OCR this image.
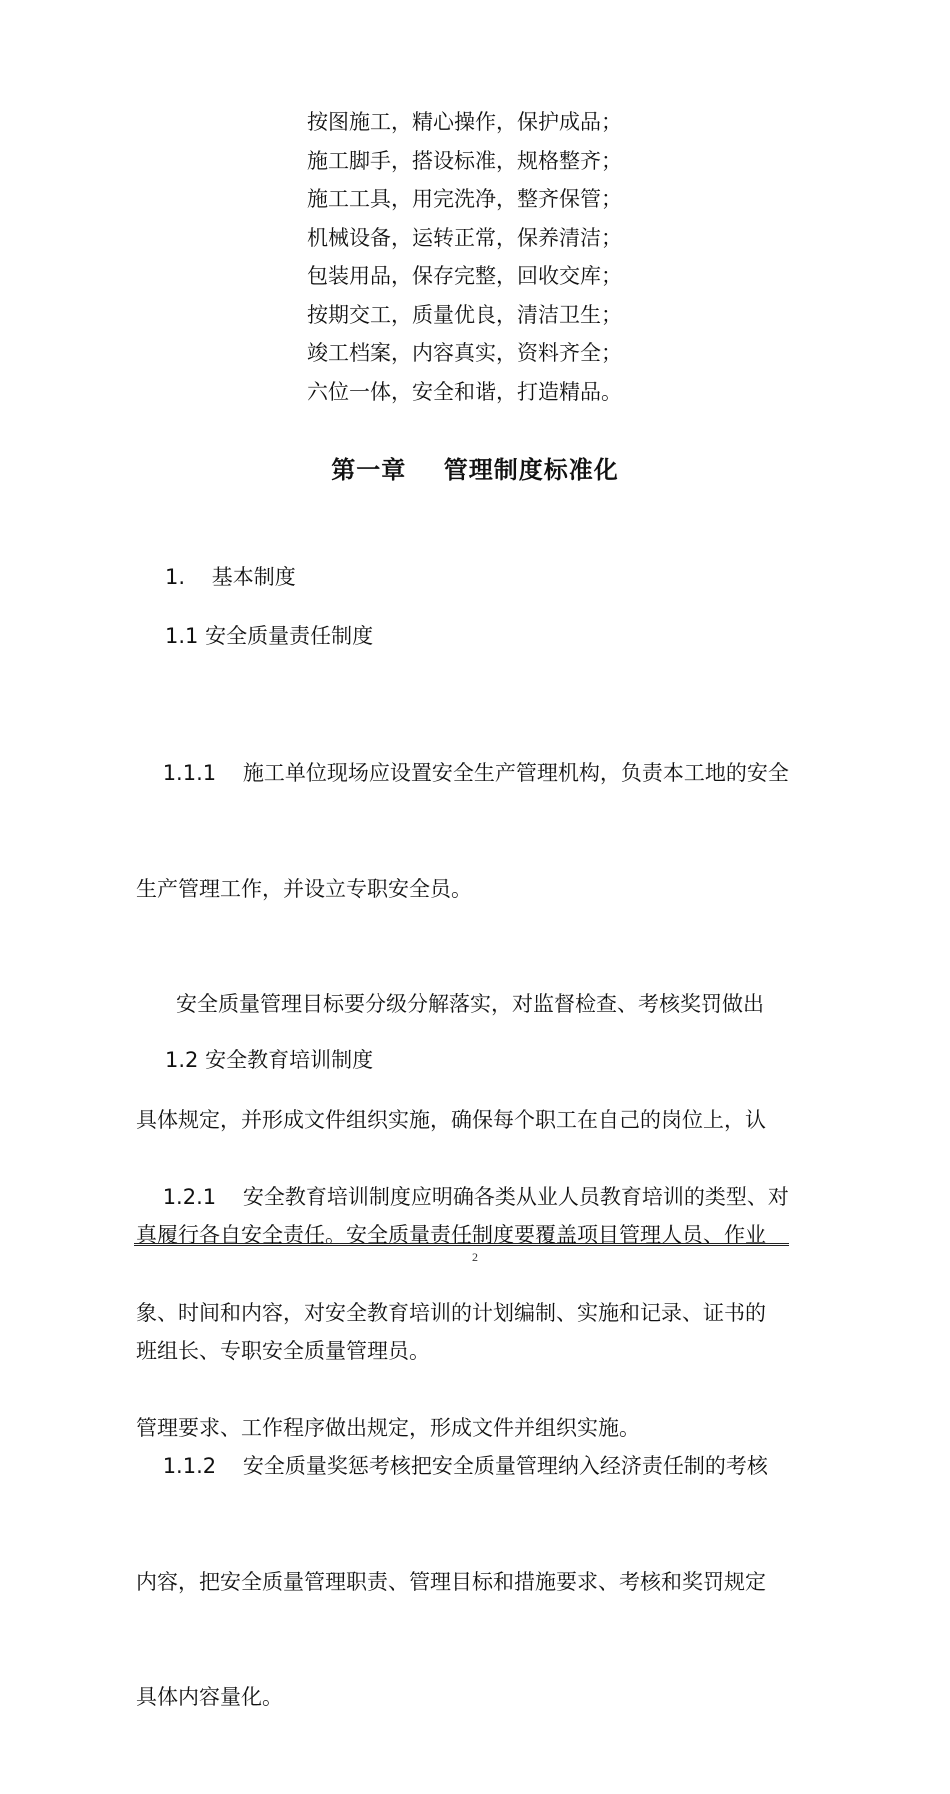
按图施工，精心操作，保护成品；
施工脚手，搭设标准，规格整齐；
施工工具，用完洗净，整齐保管；
机械设备，运转正常，保养清洁；
包装用品，保存完整，回收交库；
按期交工，质量优良，清洁卫生；
竣工档案，内容真实，资料齐全；
六位一体，安全和谐，打造精品。
第一章    管理制度标准化
1.    基本制度
1.1 安全质量责任制度

1.1.1    施工单位现场应设置安全生产管理机构，负责本工地的安全

生产管理工作，并设立专职安全员。

安全质量管理目标要分级分解落实，对监督检查、考核奖罚做出

具体规定，并形成文件组织实施，确保每个职工在自己的岗位上，认

真履行各自安全责任。安全质量责任制度要覆盖项目管理人员、作业

班组长、专职安全质量管理员。

1.1.2    安全质量奖惩考核把安全质量管理纳入经济责任制的考核

内容，把安全质量管理职责、管理目标和措施要求、考核和奖罚规定

具体内容量化。

1.2 安全教育培训制度

1.2.1    安全教育培训制度应明确各类从业人员教育培训的类型、对

象、时间和内容，对安全教育培训的计划编制、实施和记录、证书的

管理要求、工作程序做出规定，形成文件并组织实施。

2
